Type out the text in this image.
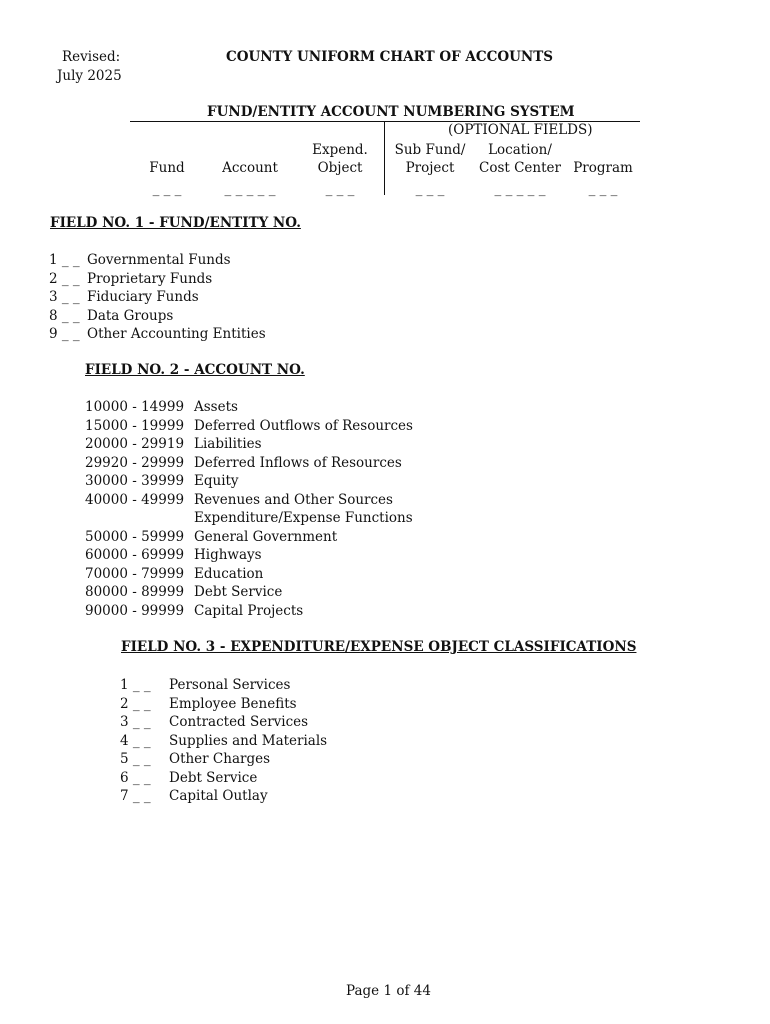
Revised:
July 2025
COUNTY UNIFORM CHART OF ACCOUNTS
FUND/ENTITY ACCOUNT NUMBERING SYSTEM
(OPTIONAL FIELDS)
Fund
_ _ _
Account
_ _ _ _ _
Expend.
Object
_ _ _
Sub Fund/
Project
_ _ _
Location/
Cost Center
_ _ _ _ _
Program
_ _ _
FIELD NO. 1 - FUND/ENTITY NO.
1 _ _ Governmental Funds
2 _ _ Proprietary Funds
3 _ _ Fiduciary Funds
8 _ _ Data Groups
9 _ _ Other Accounting Entities
FIELD NO. 2 - ACCOUNT NO.
10000 - 14999 Assets
15000 - 19999 Deferred Outflows of Resources
20000 - 29919 Liabilities
29920 - 29999 Deferred Inflows of Resources
30000 - 39999 Equity
40000 - 49999 Revenues and Other Sources
Expenditure/Expense Functions
50000 - 59999 General Government
60000 - 69999 Highways
70000 - 79999 Education
80000 - 89999 Debt Service
90000 - 99999 Capital Projects
FIELD NO. 3 - EXPENDITURE/EXPENSE OBJECT CLASSIFICATIONS
1 _ _ Personal Services
2 _ _ Employee Benefits
3 _ _ Contracted Services
4 _ _ Supplies and Materials
5 _ _ Other Charges
6 _ _ Debt Service
7 _ _ Capital Outlay
Page 1 of 44
